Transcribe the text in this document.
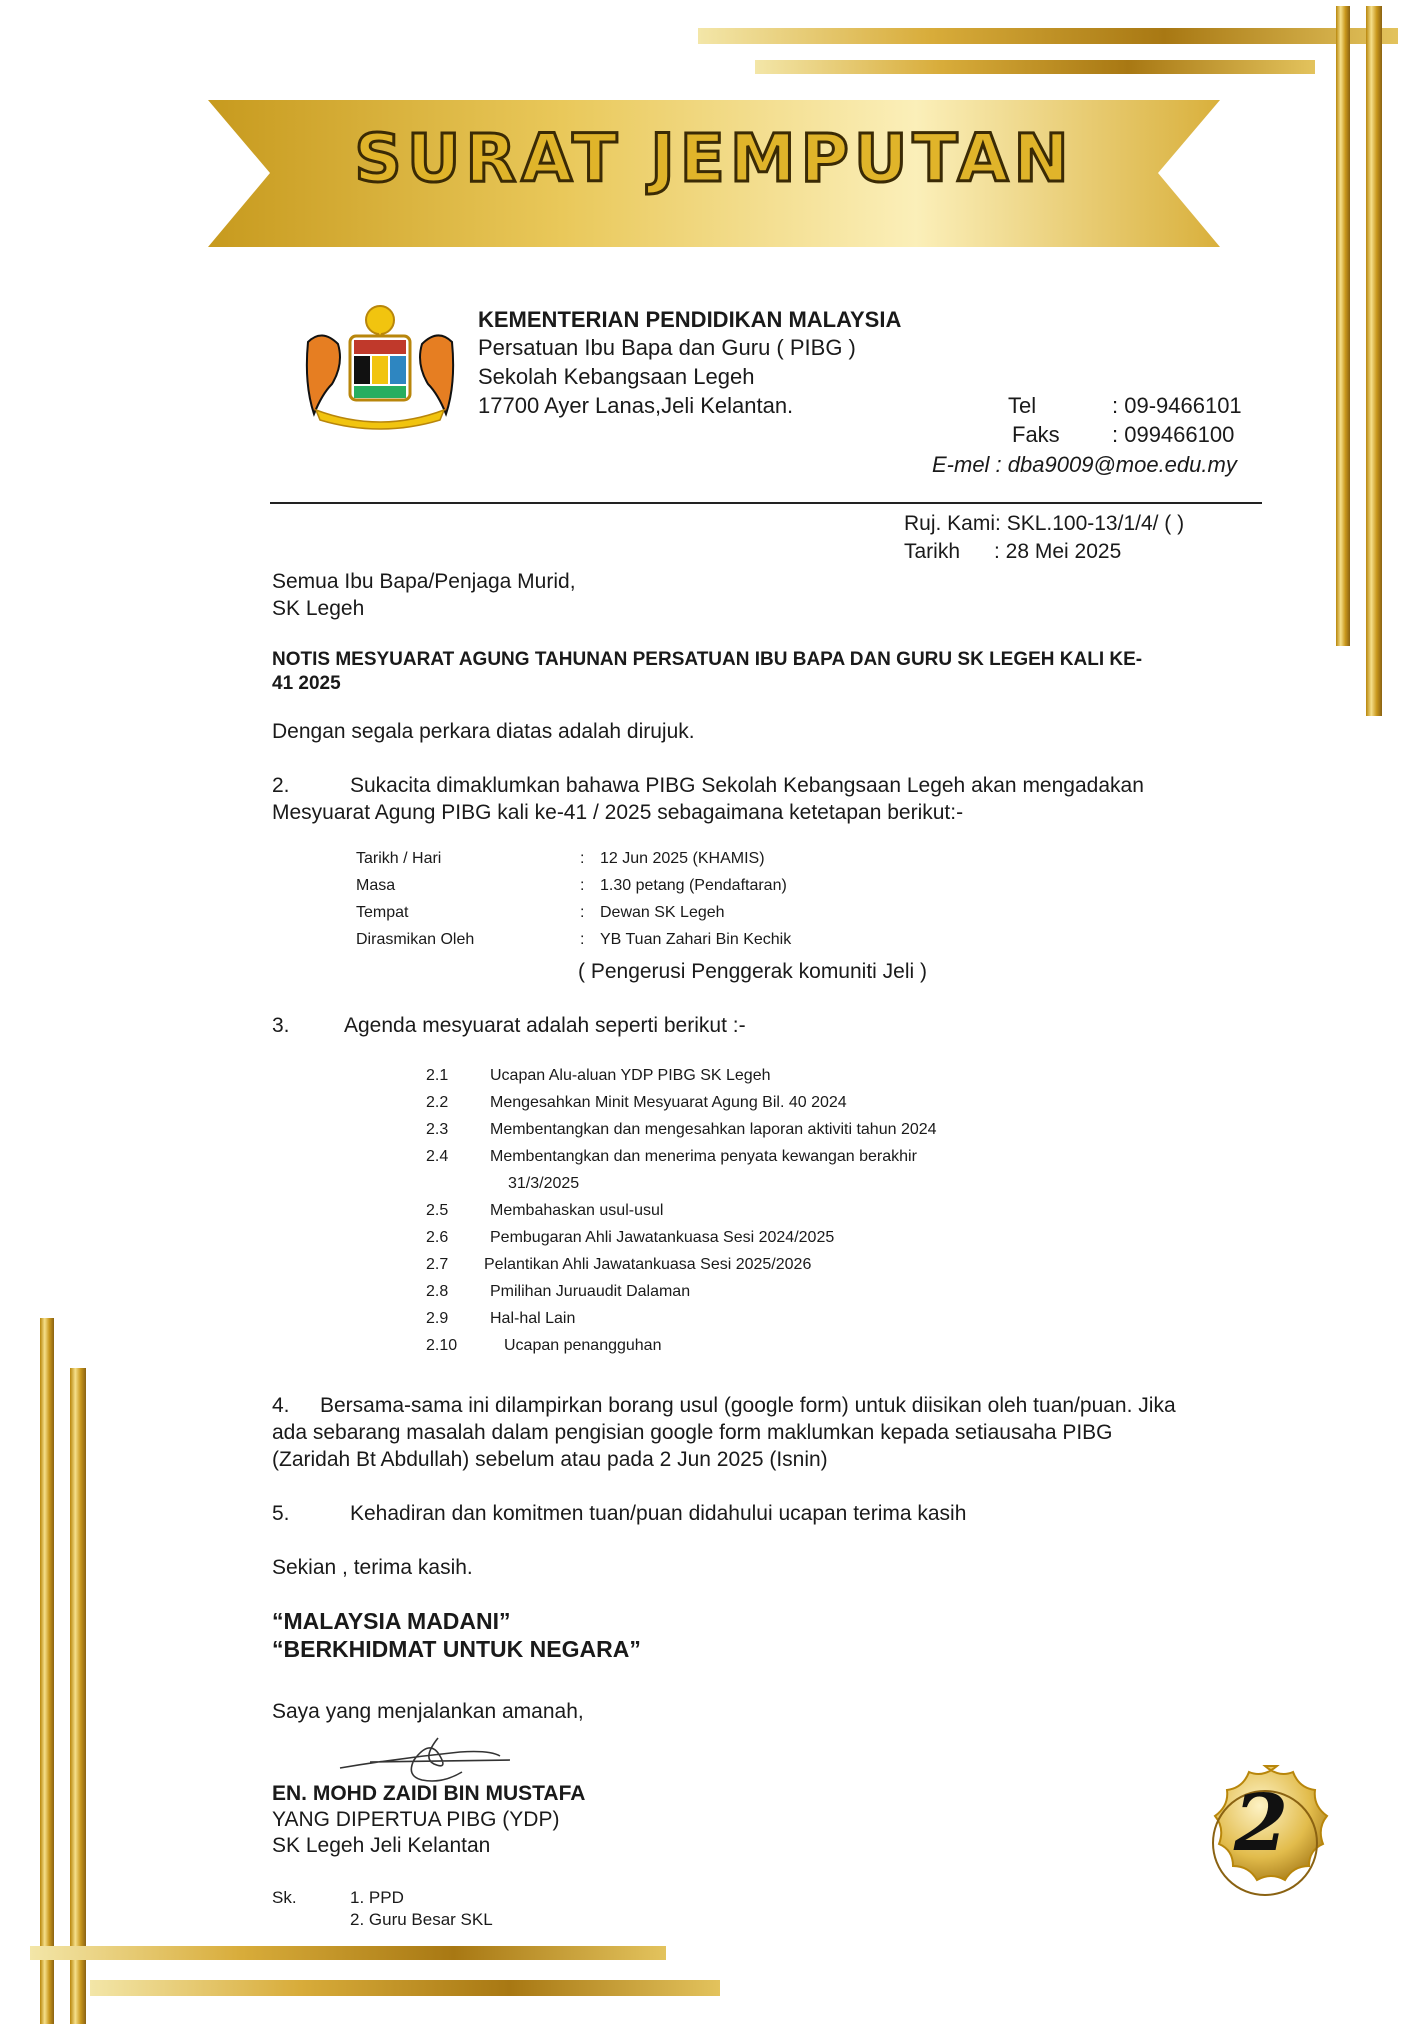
SURAT JEMPUTAN
KEMENTERIAN PENDIDIKAN MALAYSIA
Persatuan Ibu Bapa dan Guru ( PIBG )
Sekolah Kebangsaan Legeh
17700 Ayer Lanas,Jeli Kelantan.	Tel	: 09-9466101
Faks : 099466100
E-mel : dba9009@moe.edu.my
Ruj. Kami: SKL.100-13/1/4/ ( )
Tarikh : 28 Mei 2025
Semua Ibu Bapa/Penjaga Murid,
SK Legeh
NOTIS MESYUARAT AGUNG TAHUNAN PERSATUAN IBU BAPA DAN GURU SK LEGEH KALI KE-
41 2025
Dengan segala perkara diatas adalah dirujuk.
2.	Sukacita dimaklumkan bahawa PIBG Sekolah Kebangsaan Legeh akan mengadakan
Mesyuarat Agung PIBG kali ke-41 / 2025 sebagaimana ketetapan berikut:-
Tarikh / Hari	: 12 Jun 2025 (KHAMIS)
Masa	: 1.30 petang (Pendaftaran)
Tempat	: Dewan SK Legeh
Dirasmikan Oleh	: YB Tuan Zahari Bin Kechik
( Pengerusi Penggerak komuniti Jeli )
3.	Agenda mesyuarat adalah seperti berikut :-
2.1	Ucapan Alu-aluan YDP PIBG SK Legeh
2.2	Mengesahkan Minit Mesyuarat Agung Bil. 40 2024
2.3	Membentangkan dan mengesahkan laporan aktiviti tahun 2024
2.4	Membentangkan dan menerima penyata kewangan berakhir
31/3/2025
2.5	Membahaskan usul-usul
2.6	Pembugaran Ahli Jawatankuasa Sesi 2024/2025
2.7 Pelantikan Ahli Jawatankuasa Sesi 2025/2026
2.8	Pmilihan Juruaudit Dalaman
2.9	Hal-hal Lain
2.10	Ucapan penangguhan
4. Bersama-sama ini dilampirkan borang usul (google form) untuk diisikan oleh tuan/puan. Jika
ada sebarang masalah dalam pengisian google form maklumkan kepada setiausaha PIBG
(Zaridah Bt Abdullah) sebelum atau pada 2 Jun 2025 (Isnin)
5.	Kehadiran dan komitmen tuan/puan didahului ucapan terima kasih
Sekian , terima kasih.
“MALAYSIA MADANI”
“BERKHIDMAT UNTUK NEGARA”
Saya yang menjalankan amanah,
EN. MOHD ZAIDI BIN MUSTAFA
YANG DIPERTUA PIBG (YDP)
SK Legeh Jeli Kelantan
Sk.	1. PPD
2. Guru Besar SKL
2
